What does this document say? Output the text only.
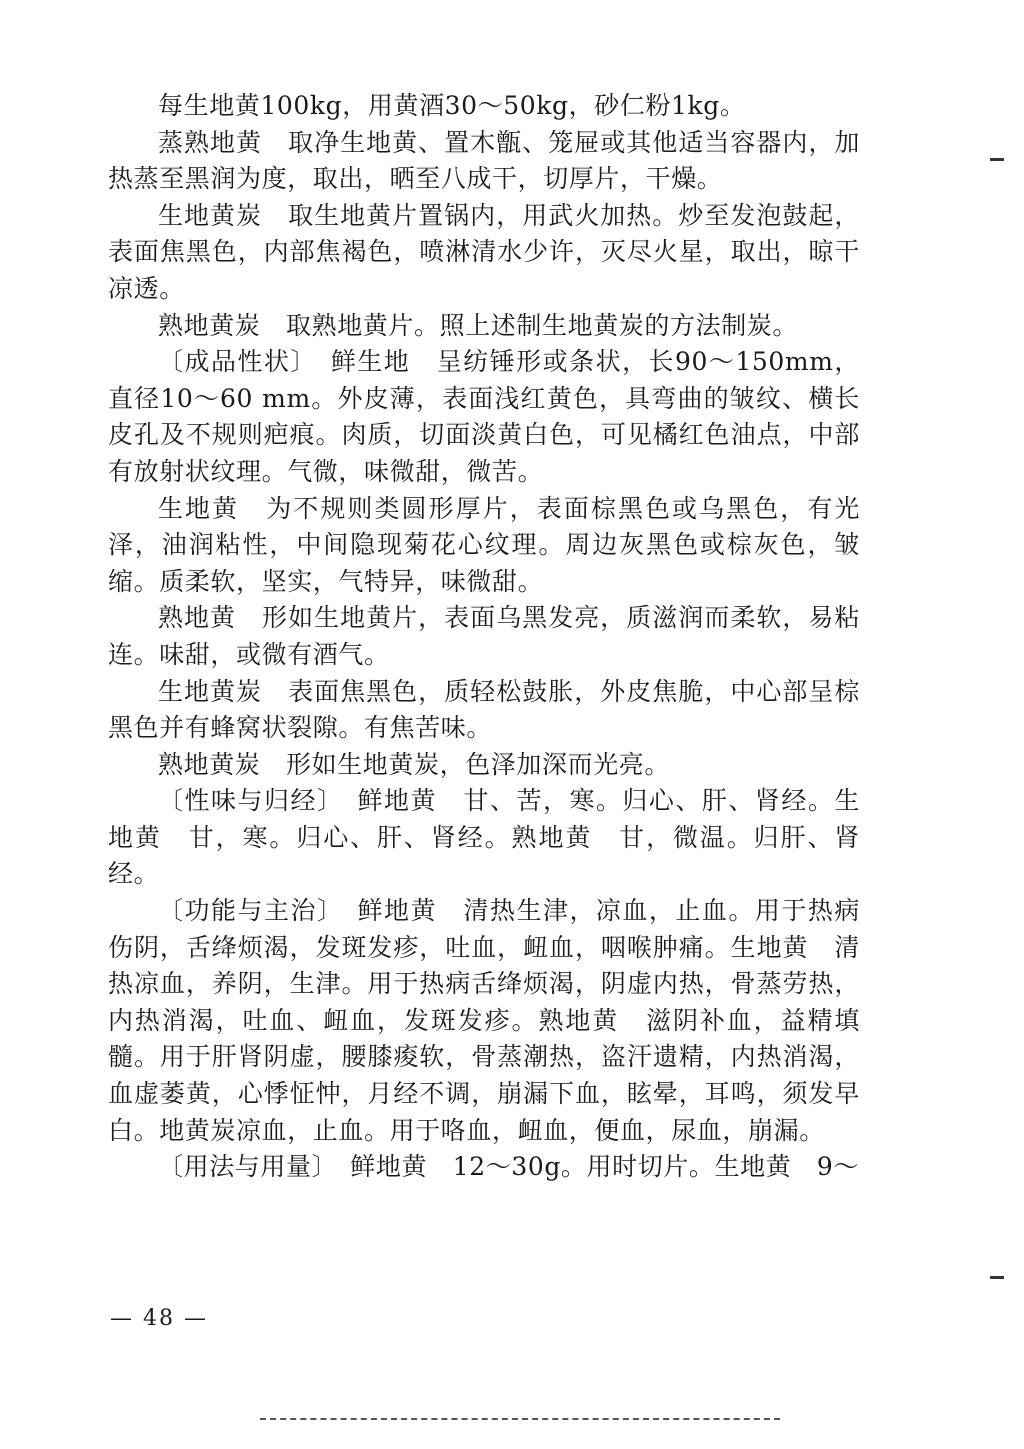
每生地黄100kg，用黄酒30～50kg，砂仁粉1kg。

蒸熟地黄　取净生地黄、置木甑、笼屉或其他适当容器内，加热蒸至黑润为度，取出，晒至八成干，切厚片，干燥。

生地黄炭　取生地黄片置锅内，用武火加热。炒至发泡鼓起，表面焦黑色，内部焦褐色，喷淋清水少许，灭尽火星，取出，晾干凉透。

熟地黄炭　取熟地黄片。照上述制生地黄炭的方法制炭。

〔成品性状〕　鲜生地　呈纺锤形或条状，长90～150mm，直径10～60 mm。外皮薄，表面浅红黄色，具弯曲的皱纹、横长皮孔及不规则疤痕。肉质，切面淡黄白色，可见橘红色油点，中部有放射状纹理。气微，味微甜，微苦。

生地黄　为不规则类圆形厚片，表面棕黑色或乌黑色，有光泽，油润粘性，中间隐现菊花心纹理。周边灰黑色或棕灰色，皱缩。质柔软，坚实，气特异，味微甜。

熟地黄　形如生地黄片，表面乌黑发亮，质滋润而柔软，易粘连。味甜，或微有酒气。

生地黄炭　表面焦黑色，质轻松鼓胀，外皮焦脆，中心部呈棕黑色并有蜂窝状裂隙。有焦苦味。

熟地黄炭　形如生地黄炭，色泽加深而光亮。

〔性味与归经〕　鲜地黄　甘、苦，寒。归心、肝、肾经。生地黄　甘，寒。归心、肝、肾经。熟地黄　甘，微温。归肝、肾经。

〔功能与主治〕　鲜地黄　清热生津，凉血，止血。用于热病伤阴，舌绛烦渴，发斑发疹，吐血，衄血，咽喉肿痛。生地黄　清热凉血，养阴，生津。用于热病舌绛烦渴，阴虚内热，骨蒸劳热，内热消渴，吐血、衄血，发斑发疹。熟地黄　滋阴补血，益精填髓。用于肝肾阴虚，腰膝痠软，骨蒸潮热，盗汗遗精，内热消渴，血虚萎黄，心悸怔忡，月经不调，崩漏下血，眩晕，耳鸣，须发早白。地黄炭凉血，止血。用于咯血，衄血，便血，尿血，崩漏。

〔用法与用量〕　鲜地黄　12～30g。用时切片。生地黄　9～

— 48 —
